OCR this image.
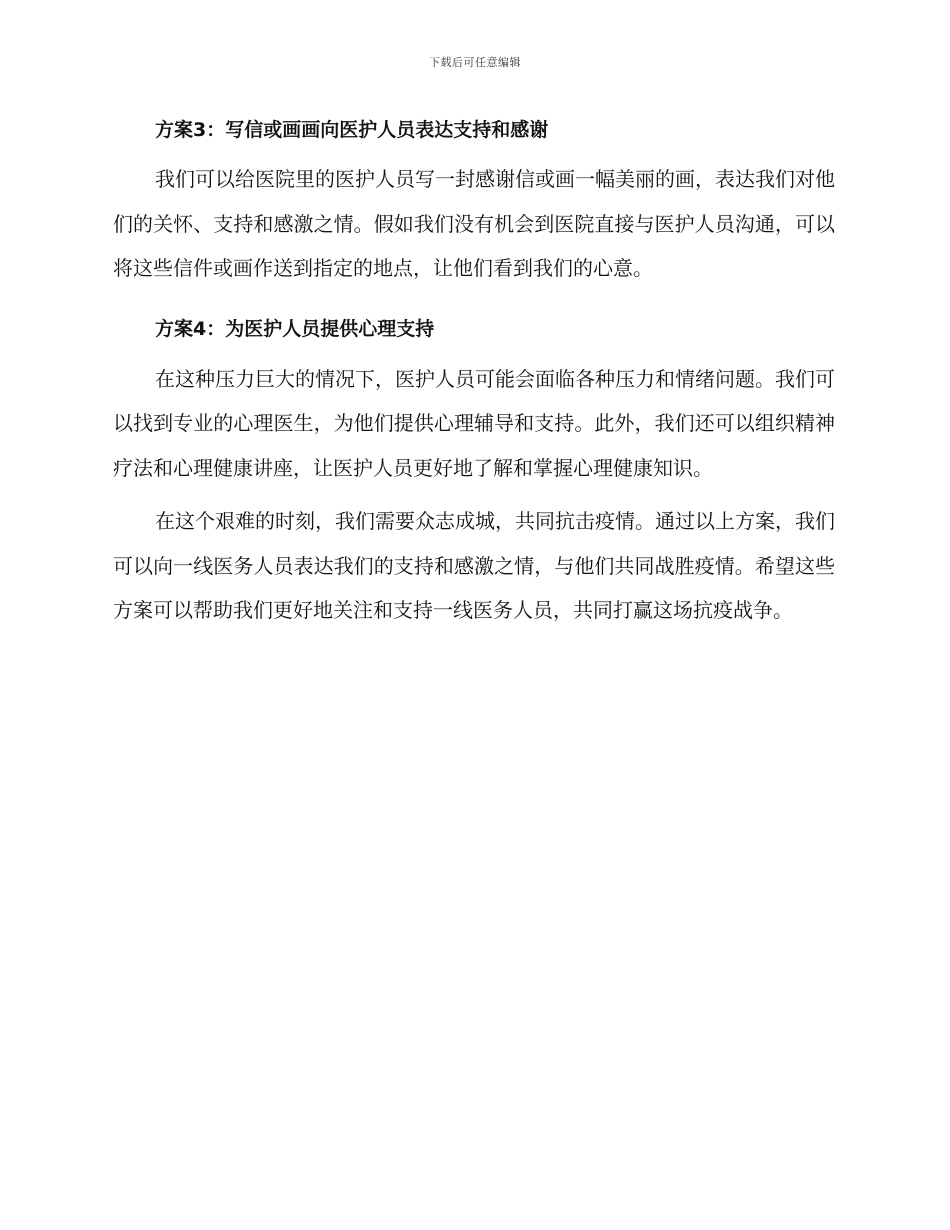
下载后可任意编辑
方案3：写信或画画向医护人员表达支持和感谢

我们可以给医院里的医护人员写一封感谢信或画一幅美丽的画，表达我们对他们的关怀、支持和感激之情。假如我们没有机会到医院直接与医护人员沟通，可以将这些信件或画作送到指定的地点，让他们看到我们的心意。

方案4：为医护人员提供心理支持

在这种压力巨大的情况下，医护人员可能会面临各种压力和情绪问题。我们可以找到专业的心理医生，为他们提供心理辅导和支持。此外，我们还可以组织精神疗法和心理健康讲座，让医护人员更好地了解和掌握心理健康知识。

在这个艰难的时刻，我们需要众志成城，共同抗击疫情。通过以上方案，我们可以向一线医务人员表达我们的支持和感激之情，与他们共同战胜疫情。希望这些方案可以帮助我们更好地关注和支持一线医务人员，共同打赢这场抗疫战争。
